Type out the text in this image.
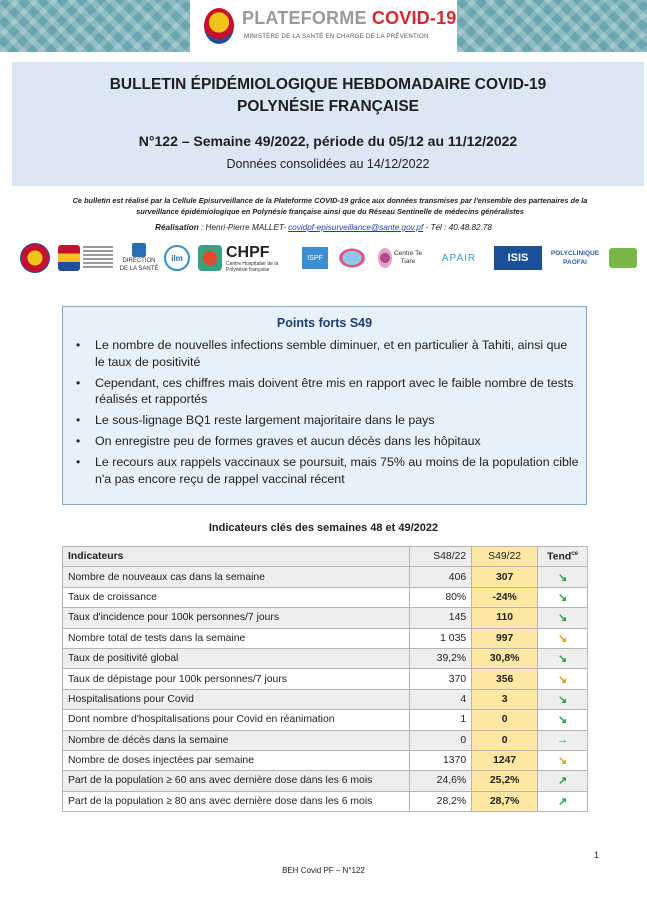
PLATEFORME COVID-19
MINISTÈRE DE LA SANTÉ EN CHARGE DE LA PRÉVENTION
BULLETIN ÉPIDÉMIOLOGIQUE HEBDOMADAIRE COVID-19
POLYNÉSIE FRANÇAISE
N°122 – Semaine 49/2022, période du 05/12 au 11/12/2022
Données consolidées au 14/12/2022
Ce bulletin est réalisé par la Cellule Episurveillance de la Plateforme COVID-19 grâce aux données transmises par l'ensemble des partenaires de la surveillance épidémiologique en Polynésie française ainsi que du Réseau Sentinelle de médecins généralistes
Réalisation : Henri-Pierre MALLET- covidpf-episurveillance@sante.gov.pf - Tél : 40.48.82.78
DIRECTION DE LA SANTÉ
ilm	CHPF
Centre Hospitalier de la Polynésie française
ISPF
Centre Te Tiare	APAIR	ISIS	POLYCLINIQUE PAOFAI
Points forts S49
• Le nombre de nouvelles infections semble diminuer, et en particulier à Tahiti, ainsi que le taux de positivité
• Cependant, ces chiffres mais doivent être mis en rapport avec le faible nombre de tests réalisés et rapportés
• Le sous-lignage BQ1 reste largement majoritaire dans le pays
• On enregistre peu de formes graves et aucun décès dans les hôpitaux
• Le recours aux rappels vaccinaux se poursuit, mais 75% au moins de la population cible n'a pas encore reçu de rappel vaccinal récent
Indicateurs clés des semaines 48 et 49/2022
Indicateurs	S48/22	S49/22	Tend$^{ce}$
Nombre de nouveaux cas dans la semaine	406	307	↘
Taux de croissance	80%	-24%	↘
Taux d'incidence pour 100k personnes/7 jours	145	110	↘
Nombre total de tests dans la semaine	1 035	997	↘
Taux de positivité global	39,2%	30,8%	↘
Taux de dépistage pour 100k personnes/7 jours	370	356	↘
Hospitalisations pour Covid	4	3	↘
Dont nombre d'hospitalisations pour Covid en réanimation	1	0	↘
Nombre de décès dans la semaine	0	0	→
Nombre de doses injectées par semaine	1370	1247	↘
Part de la population ≥ 60 ans avec dernière dose dans les 6 mois	24,6%	25,2%	↗
Part de la population ≥ 80 ans avec dernière dose dans les 6 mois	28,2%	28,7%	↗
1
BEH Covid PF – N°122
